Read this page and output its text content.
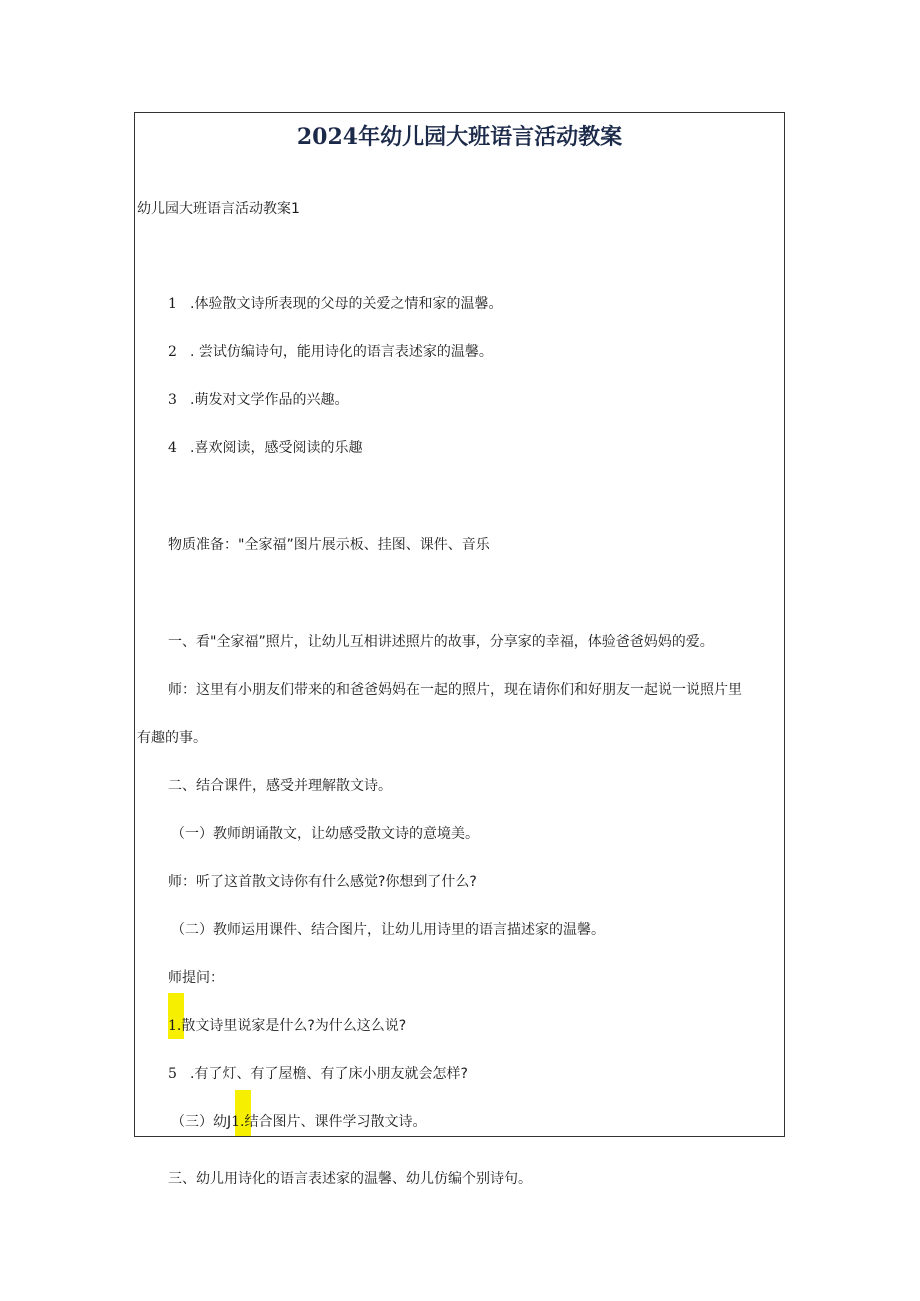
2024年幼儿园大班语言活动教案
幼儿园大班语言活动教案1
1 .体验散文诗所表现的父母的关爱之情和家的温馨。
2 . 尝试仿编诗句，能用诗化的语言表述家的温馨。
3 .萌发对文学作品的兴趣。
4 .喜欢阅读，感受阅读的乐趣
物质准备："全家福”图片展示板、挂图、课件、音乐
一、看"全家福”照片，让幼儿互相讲述照片的故事，分享家的幸福，体验爸爸妈妈的爱。
师：这里有小朋友们带来的和爸爸妈妈在一起的照片，现在请你们和好朋友一起说一说照片里
有趣的事。
二、结合课件，感受并理解散文诗。
（一）教师朗诵散文，让幼感受散文诗的意境美。
师：听了这首散文诗你有什么感觉?你想到了什么?
（二）教师运用课件、结合图片，让幼儿用诗里的语言描述家的温馨。
师提问：
1.散文诗里说家是什么?为什么这么说?
5 .有了灯、有了屋檐、有了床小朋友就会怎样?
（三）幼J1.结合图片、课件学习散文诗。
三、幼儿用诗化的语言表述家的温馨、幼儿仿编个别诗句。
